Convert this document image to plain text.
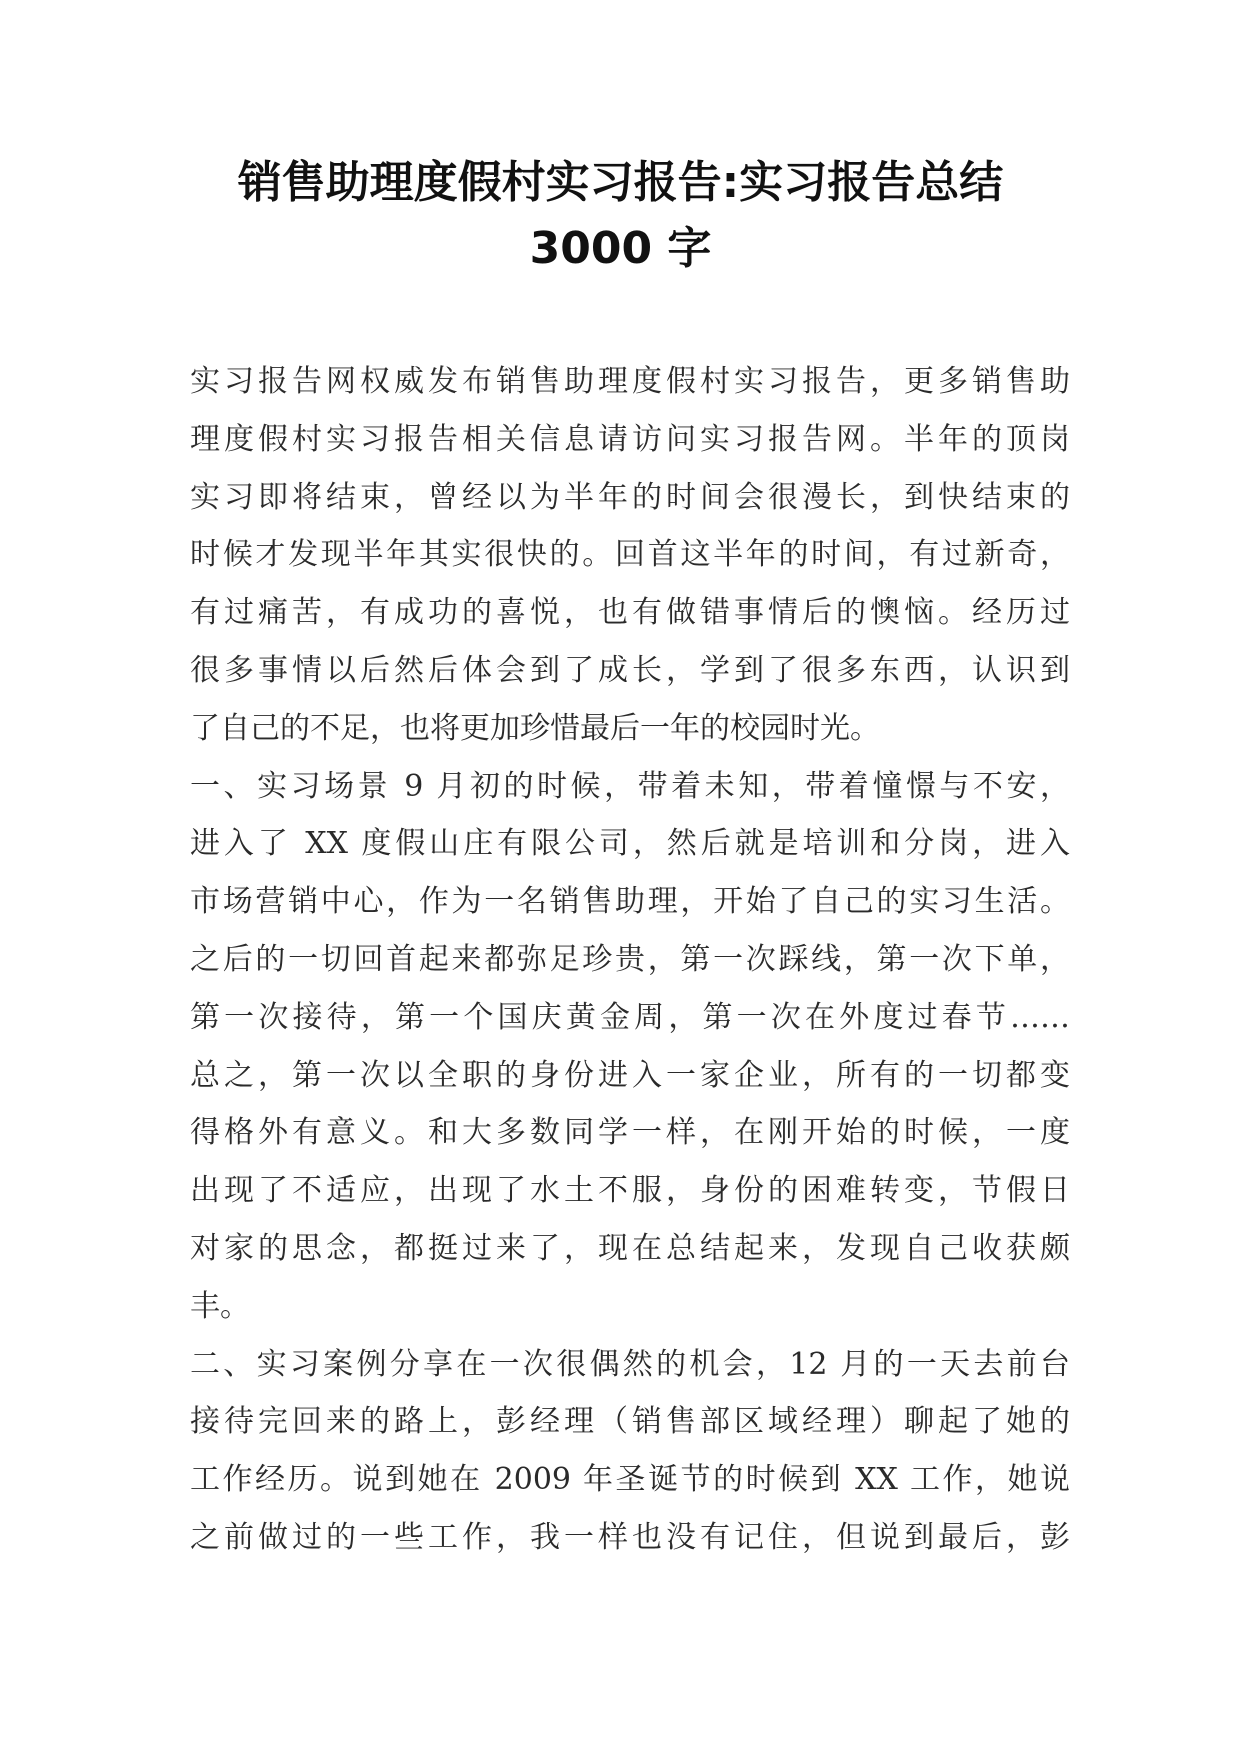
销售助理度假村实习报告:实习报告总结
3000 字
实习报告网权威发布销售助理度假村实习报告，更多销售助
理度假村实习报告相关信息请访问实习报告网。半年的顶岗
实习即将结束，曾经以为半年的时间会很漫长，到快结束的
时候才发现半年其实很快的。回首这半年的时间，有过新奇，
有过痛苦，有成功的喜悦，也有做错事情后的懊恼。经历过
很多事情以后然后体会到了成长，学到了很多东西，认识到
了自己的不足，也将更加珍惜最后一年的校园时光。
一、实习场景 9 月初的时候，带着未知，带着憧憬与不安，
进入了 XX 度假山庄有限公司，然后就是培训和分岗，进入
市场营销中心，作为一名销售助理，开始了自己的实习生活。
之后的一切回首起来都弥足珍贵，第一次踩线，第一次下单，
第一次接待，第一个国庆黄金周，第一次在外度过春节……
总之，第一次以全职的身份进入一家企业，所有的一切都变
得格外有意义。和大多数同学一样，在刚开始的时候，一度
出现了不适应，出现了水土不服，身份的困难转变，节假日
对家的思念，都挺过来了，现在总结起来，发现自己收获颇
丰。
二、实习案例分享在一次很偶然的机会，12 月的一天去前台
接待完回来的路上，彭经理（销售部区域经理）聊起了她的
工作经历。说到她在 2009 年圣诞节的时候到 XX 工作，她说
之前做过的一些工作，我一样也没有记住，但说到最后，彭
